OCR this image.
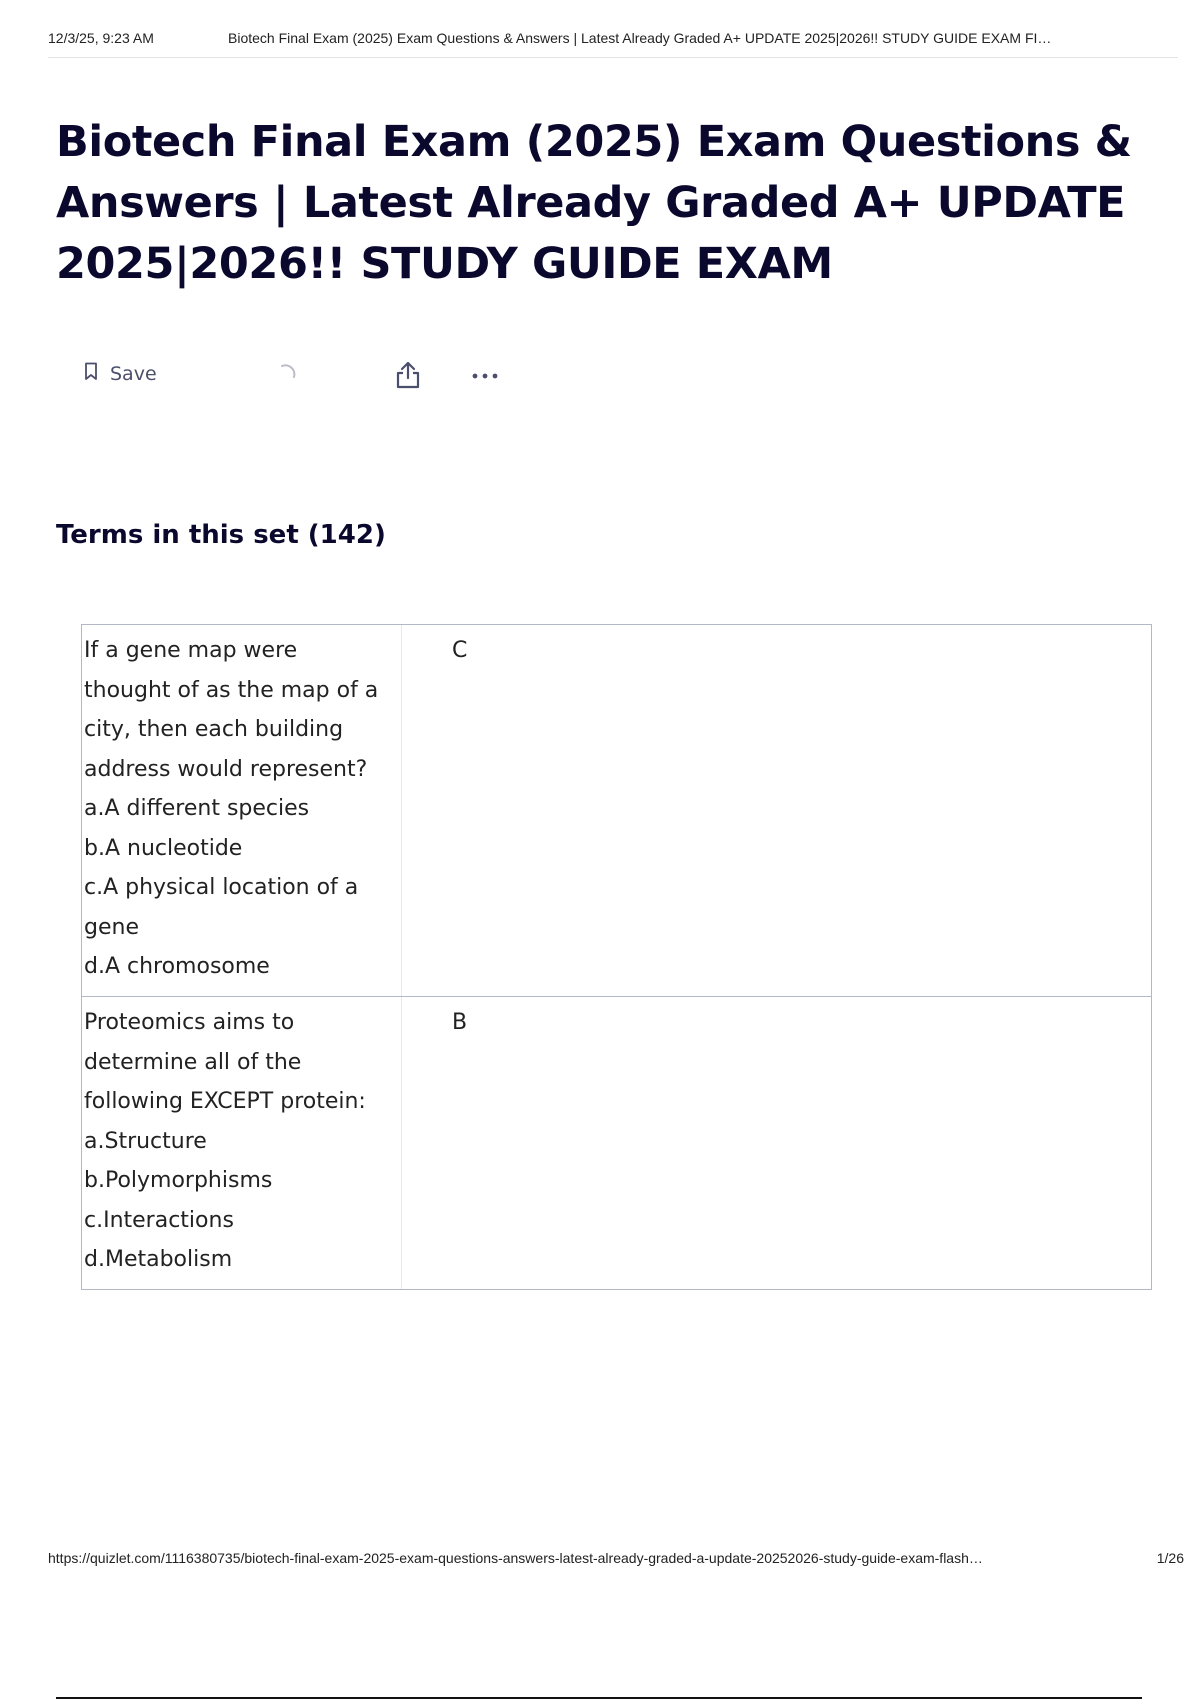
12/3/25, 9:23 AM	Biotech Final Exam (2025) Exam Questions & Answers | Latest Already Graded A+ UPDATE 2025|2026!! STUDY GUIDE EXAM FI…
Biotech Final Exam (2025) Exam Questions &
Answers | Latest Already Graded A+ UPDATE
2025|2026!! STUDY GUIDE EXAM
Save
Terms in this set (142)
If a gene map were
thought of as the map of a
city, then each building
address would represent?
a.A different species
b.A nucleotide
c.A physical location of a
gene
d.A chromosome
C
Proteomics aims to
determine all of the
following EXCEPT protein:
a.Structure
b.Polymorphisms
c.Interactions
d.Metabolism
B
https://quizlet.com/1116380735/biotech-final-exam-2025-exam-questions-answers-latest-already-graded-a-update-20252026-study-guide-exam-flash…	1/26
